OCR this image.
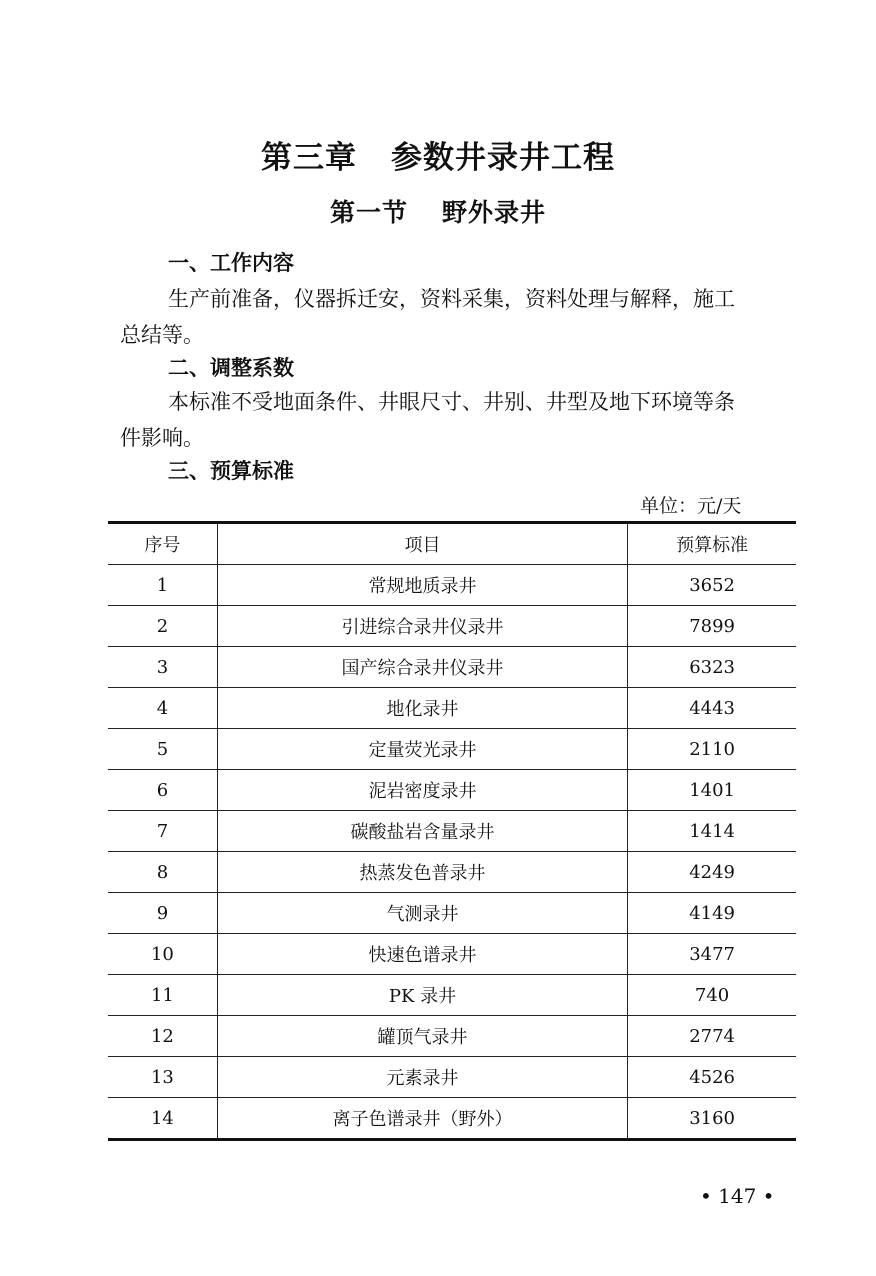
第三章 参数井录井工程
第一节 野外录井
一、工作内容

生产前准备，仪器拆迁安，资料采集，资料处理与解释，施工
总结等。

二、调整系数

本标准不受地面条件、井眼尺寸、井别、井型及地下环境等条
件影响。

三、预算标准

单位：元/天

序号	项目	预算标准
1	常规地质录井	3652
2	引进综合录井仪录井	7899
3	国产综合录井仪录井	6323
4	地化录井	4443
5	定量荧光录井	2110
6	泥岩密度录井	1401
7	碳酸盐岩含量录井	1414
8	热蒸发色普录井	4249
9	气测录井	4149
10	快速色谱录井	3477
11	PK 录井	740
12	罐顶气录井	2774
13	元素录井	4526
14	离子色谱录井（野外）	3160

• 147 •
